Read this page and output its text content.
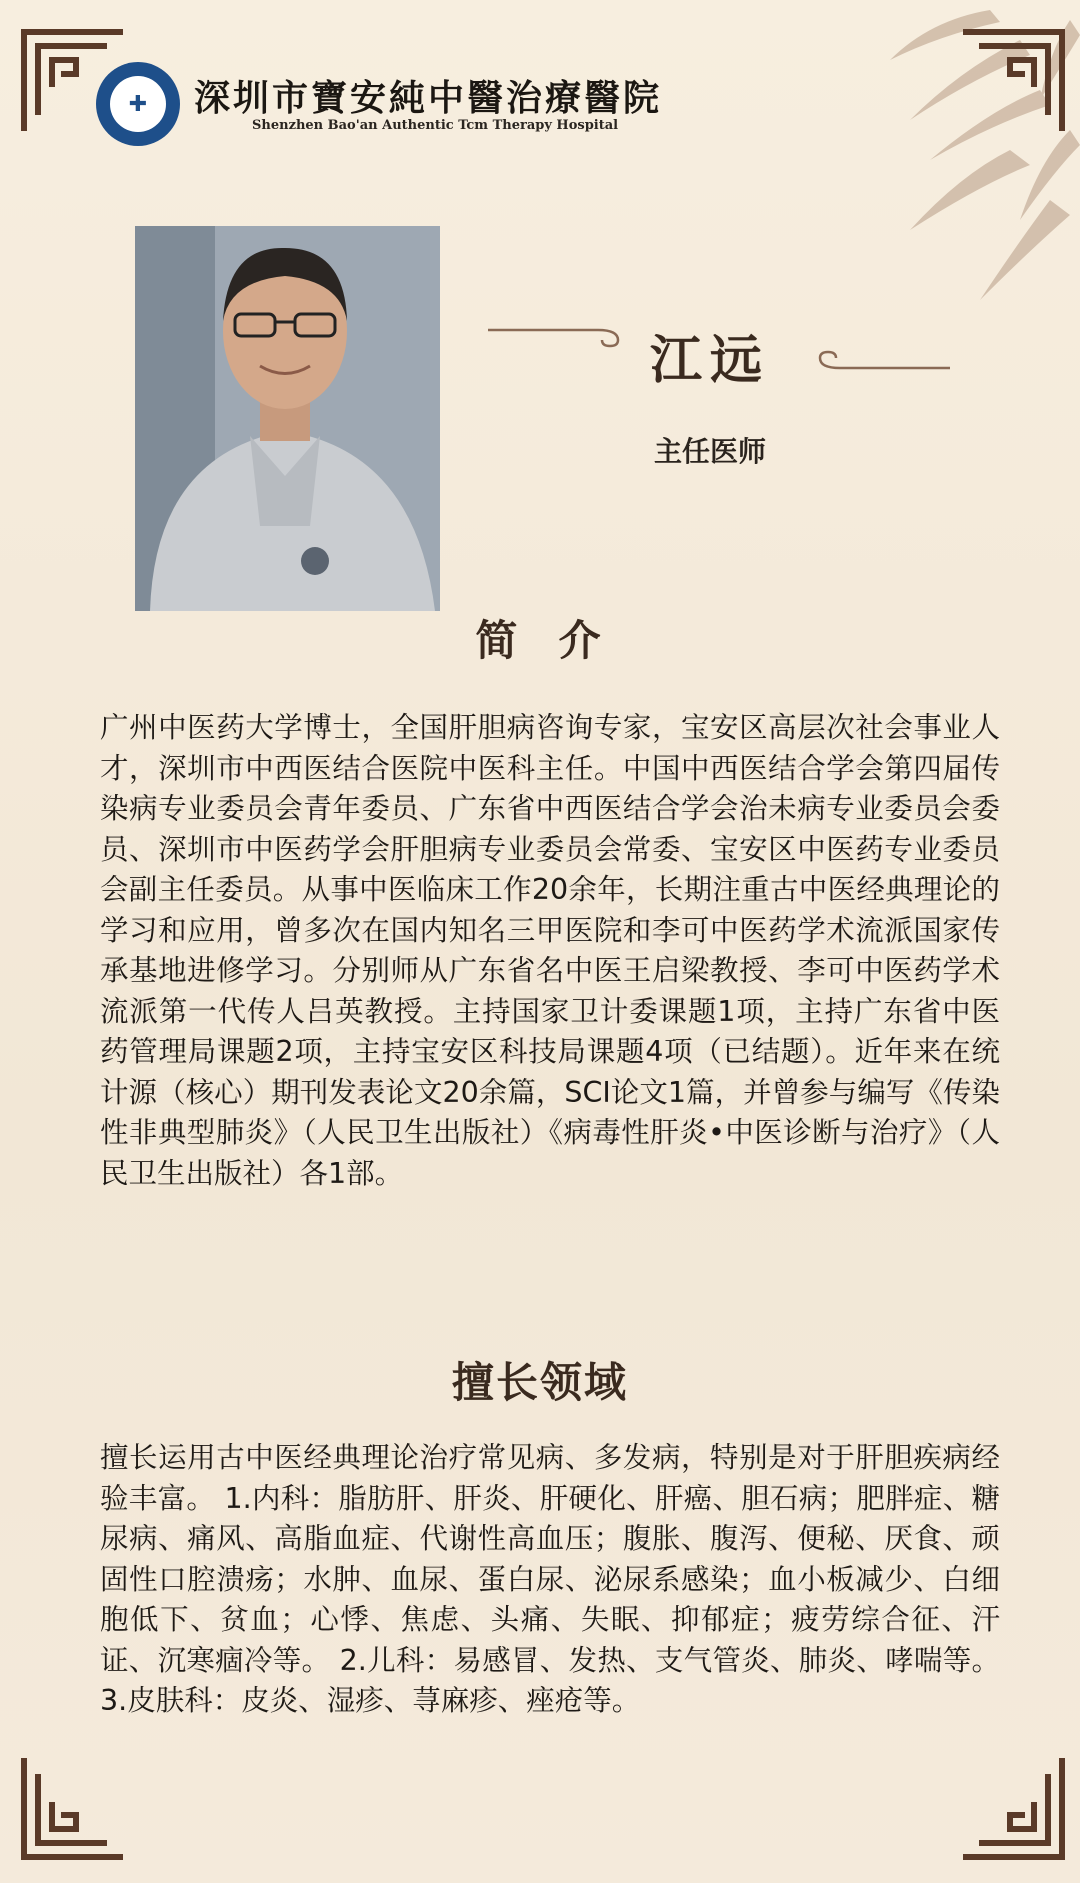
✚	深圳市寶安純中醫治療醫院
Shenzhen Bao'an Authentic Tcm Therapy Hospital
江远
主任医师
简  介
广州中医药大学博士，全国肝胆病咨询专家，宝安区高层次社会事业人才，深圳市中西医结合医院中医科主任。中国中西医结合学会第四届传染病专业委员会青年委员、广东省中西医结合学会治未病专业委员会委员、深圳市中医药学会肝胆病专业委员会常委、宝安区中医药专业委员会副主任委员。从事中医临床工作20余年，长期注重古中医经典理论的学习和应用，曾多次在国内知名三甲医院和李可中医药学术流派国家传承基地进修学习。分别师从广东省名中医王启梁教授、李可中医药学术流派第一代传人吕英教授。主持国家卫计委课题1项，主持广东省中医药管理局课题2项，主持宝安区科技局课题4项（已结题）。近年来在统计源（核心）期刊发表论文20余篇，SCI论文1篇，并曾参与编写《传染性非典型肺炎》（人民卫生出版社）《病毒性肝炎•中医诊断与治疗》（人民卫生出版社）各1部。
擅长领域
擅长运用古中医经典理论治疗常见病、多发病，特别是对于肝胆疾病经验丰富。 1.内科：脂肪肝、肝炎、肝硬化、肝癌、胆石病；肥胖症、糖尿病、痛风、高脂血症、代谢性高血压；腹胀、腹泻、便秘、厌食、顽固性口腔溃疡；水肿、血尿、蛋白尿、泌尿系感染；血小板减少、白细胞低下、贫血；心悸、焦虑、头痛、失眠、抑郁症；疲劳综合征、汗证、沉寒痼冷等。 2.儿科：易感冒、发热、支气管炎、肺炎、哮喘等。 3.皮肤科：皮炎、湿疹、荨麻疹、痤疮等。
